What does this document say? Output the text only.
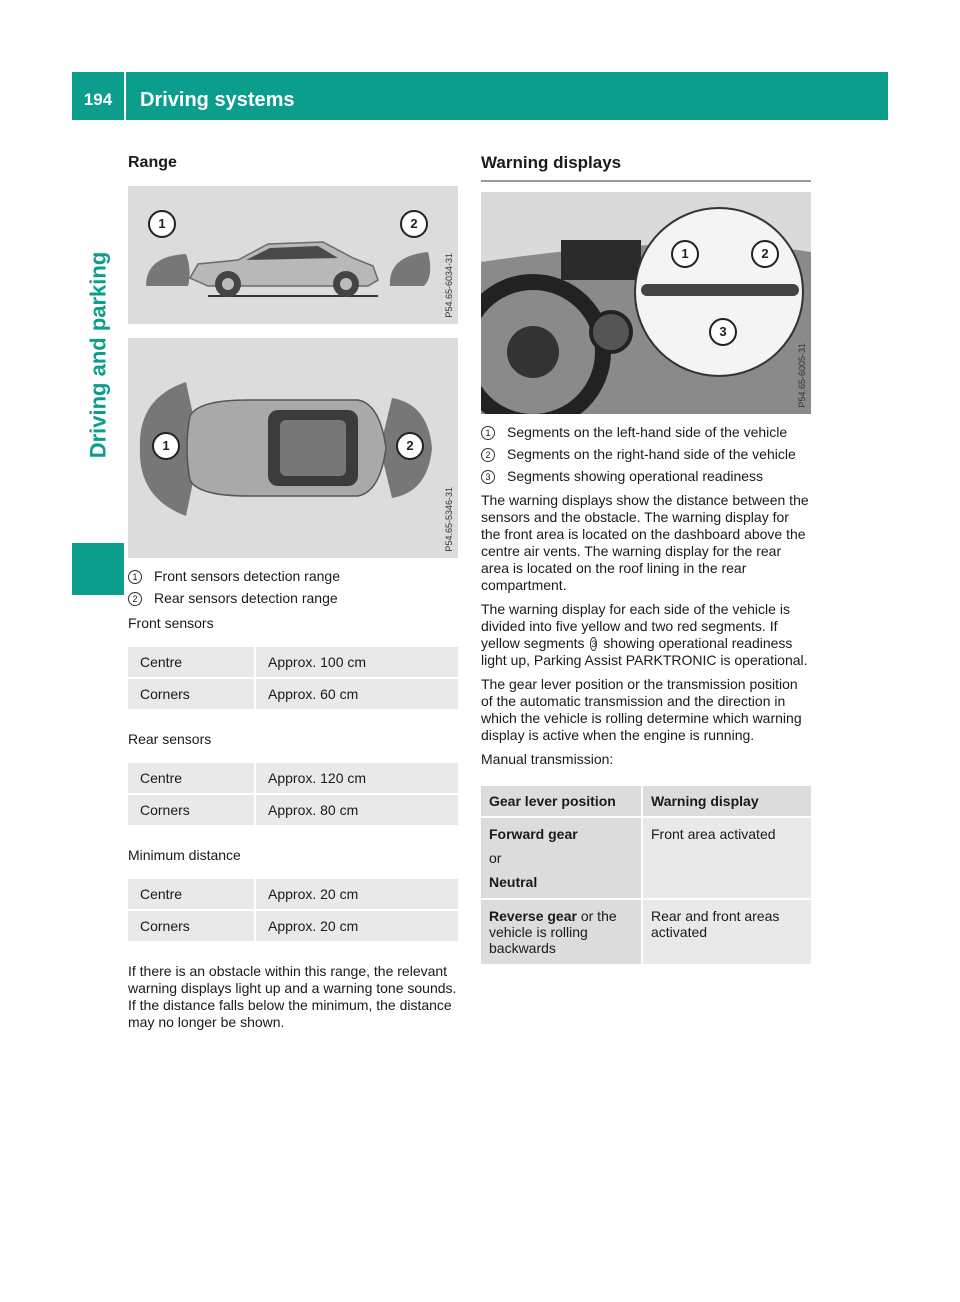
194	Driving systems
Driving and parking
Range
1	2
P54.65-6034-31
1	2
P54.65-5346-31
1	Front sensors detection range
2	Rear sensors detection range
Front sensors
Centre	Approx. 100 cm
Corners	Approx. 60 cm
Rear sensors
Centre	Approx. 120 cm
Corners	Approx. 80 cm
Minimum distance
Centre	Approx. 20 cm
Corners	Approx. 20 cm
If there is an obstacle within this range, the relevant warning displays light up and a warning tone sounds. If the distance falls below the minimum, the distance may no longer be shown.
Warning displays
1	2
3
P54.65-6005-31
1	Segments on the left-hand side of the vehicle
2	Segments on the right-hand side of the vehicle
3	Segments showing operational readiness
The warning displays show the distance between the sensors and the obstacle. The warning display for the front area is located on the dashboard above the centre air vents. The warning display for the rear area is located on the roof lining in the rear compartment.
The warning display for each side of the vehicle is divided into five yellow and two red segments. If yellow segments 3 showing operational readiness light up, Parking Assist PARKTRONIC is operational.
The gear lever position or the transmission position of the automatic transmission and the direction in which the vehicle is rolling determine which warning display is active when the engine is running.
Manual transmission:
Gear lever position	Warning display

Forward gear
or
Neutral	Front area activated
Reverse gear or the vehicle is rolling backwards	Rear and front areas activated
